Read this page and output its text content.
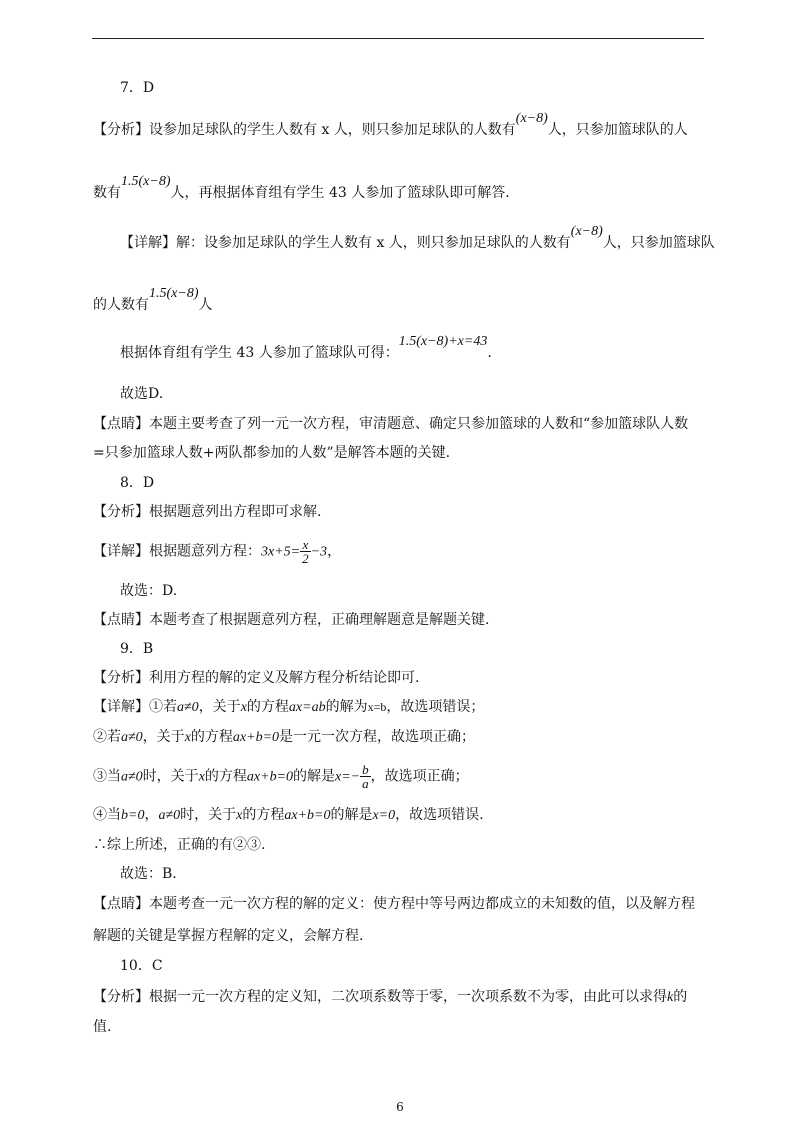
7．D
【分析】设参加足球队的学生人数有 x 人，则只参加足球队的人数有(x−8)人，只参加篮球队的人
数有1.5(x−8)人，再根据体育组有学生 43 人参加了篮球队即可解答.
【详解】解：设参加足球队的学生人数有 x 人，则只参加足球队的人数有(x−8)人，只参加篮球队
的人数有1.5(x−8)人
根据体育组有学生 43 人参加了篮球队可得：1.5(x−8)+x=43.
故选D.
【点睛】本题主要考查了列一元一次方程，审清题意、确定只参加篮球的人数和“参加篮球队人数
=只参加篮球人数+两队都参加的人数”是解答本题的关键.
8．D
【分析】根据题意列出方程即可求解.
【详解】根据题意列方程：$3x+5= \frac{x}{2} -3$，
故选：D.
【点睛】本题考查了根据题意列方程，正确理解题意是解题关键.
9．B
【分析】利用方程的解的定义及解方程分析结论即可.
【详解】①若a≠0，关于x的方程ax=ab的解为x=b，故选项错误；
②若a≠0，关于x的方程ax+b=0是一元一次方程，故选项正确；
③当a≠0时，关于x的方程ax+b=0的解是$x=- \frac{b}{a}$ ，故选项正确；
④当b=0，a≠0时，关于x的方程ax+b=0的解是x=0，故选项错误.
∴综上所述，正确的有②③.
故选：B.
【点睛】本题考查一元一次方程的解的定义：使方程中等号两边都成立的未知数的值，以及解方程
解题的关键是掌握方程解的定义，会解方程.
10．C
【分析】根据一元一次方程的定义知，二次项系数等于零，一次项系数不为零，由此可以求得k的
值.
6
